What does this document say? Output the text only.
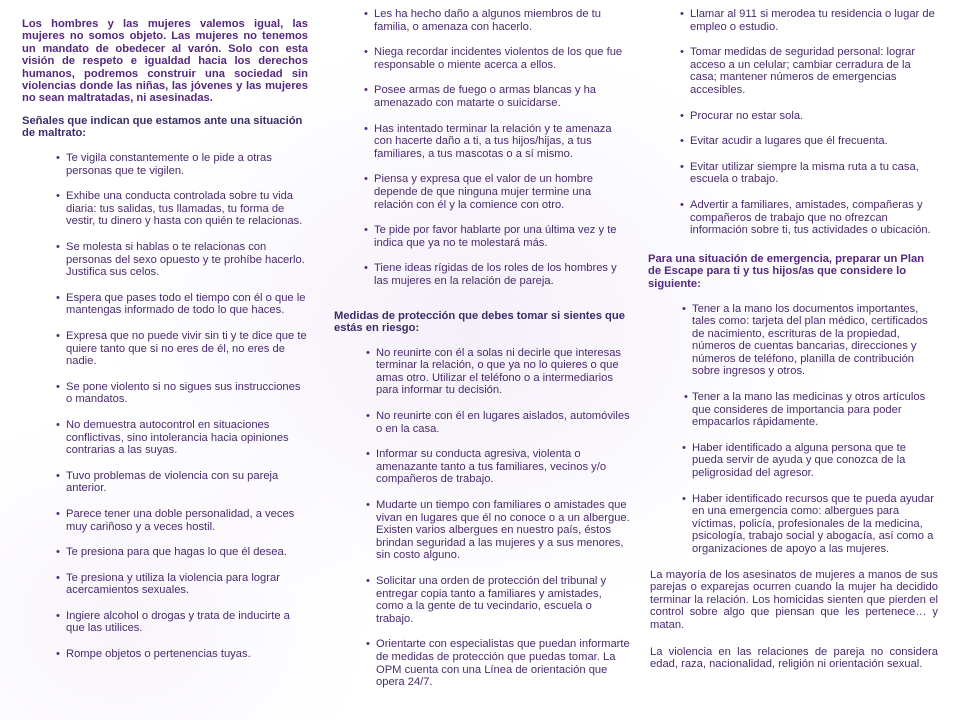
Los hombres y las mujeres valemos igual, las mujeres no somos objeto. Las mujeres no tenemos un mandato de obedecer al varón. Solo con esta visión de respeto e igualdad hacia los derechos humanos, podremos construir una sociedad sin violencias donde las niñas, las jóvenes y las mujeres no sean maltratadas, ni asesinadas.

Señales que indican que estamos ante una situación de maltrato:

• Te vigila constantemente o le pide a otras personas que te vigilen.
• Exhibe una conducta controlada sobre tu vida diaria: tus salidas, tus llamadas, tu forma de vestir, tu dinero y hasta con quién te relacionas.
• Se molesta si hablas o te relacionas con personas del sexo opuesto y te prohíbe hacerlo. Justifica sus celos.
• Espera que pases todo el tiempo con él o que le mantengas informado de todo lo que haces.
• Expresa que no puede vivir sin ti y te dice que te quiere tanto que si no eres de él, no eres de nadie.
• Se pone violento si no sigues sus instrucciones o mandatos.
• No demuestra autocontrol en situaciones conflictivas, sino intolerancia hacia opiniones contrarias a las suyas.
• Tuvo problemas de violencia con su pareja anterior.
• Parece tener una doble personalidad, a veces muy cariñoso y a veces hostil.
• Te presiona para que hagas lo que él desea.
• Te presiona y utiliza la violencia para lograr acercamientos sexuales.
• Ingiere alcohol o drogas y trata de inducirte a que las utilices.
• Rompe objetos o pertenencias tuyas.
• Les ha hecho daño a algunos miembros de tu familia, o amenaza con hacerlo.
• Niega recordar incidentes violentos de los que fue responsable o miente acerca a ellos.
• Posee armas de fuego o armas blancas y ha amenazado con matarte o suicidarse.
• Has intentado terminar la relación y te amenaza con hacerte daño a ti, a tus hijos/hijas, a tus familiares, a tus mascotas o a sí mismo.
• Piensa y expresa que el valor de un hombre depende de que ninguna mujer termine una relación con él y la comience con otro.
• Te pide por favor hablarte por una última vez y te indica que ya no te molestará más.
• Tiene ideas rígidas de los roles de los hombres y las mujeres en la relación de pareja.

Medidas de protección que debes tomar si sientes que estás en riesgo:

• No reunirte con él a solas ni decirle que interesas terminar la relación, o que ya no lo quieres o que amas otro. Utilizar el teléfono o a intermediarios para informar tu decisión.
• No reunirte con él en lugares aislados, automóviles o en la casa.
• Informar su conducta agresiva, violenta o amenazante tanto a tus familiares, vecinos y/o compañeros de trabajo.
• Mudarte un tiempo con familiares o amistades que vivan en lugares que él no conoce o a un albergue. Existen varios albergues en nuestro país, éstos brindan seguridad a las mujeres y a sus menores, sin costo alguno.
• Solicitar una orden de protección del tribunal y entregar copia tanto a familiares y amistades, como a la gente de tu vecindario, escuela o trabajo.
• Orientarte con especialistas que puedan informarte de medidas de protección que puedas tomar. La OPM cuenta con una Línea de orientación que opera 24/7.
• Llamar al 911 si merodea tu residencia o lugar de empleo o estudio.
• Tomar medidas de seguridad personal: lograr acceso a un celular; cambiar cerradura de la casa; mantener números de emergencias accesibles.
• Procurar no estar sola.
• Evitar acudir a lugares que él frecuenta.
• Evitar utilizar siempre la misma ruta a tu casa, escuela o trabajo.
• Advertir a familiares, amistades, compañeras y compañeros de trabajo que no ofrezcan información sobre ti, tus actividades o ubicación.

Para una situación de emergencia, preparar un Plan de Escape para ti y tus hijos/as que considere lo siguiente:

• Tener a la mano los documentos importantes, tales como: tarjeta del plan médico, certificados de nacimiento, escrituras de la propiedad, números de cuentas bancarias, direcciones y números de teléfono, planilla de contribución sobre ingresos y otros.
• Tener a la mano las medicinas y otros artículos que consideres de importancia para poder empacarlos rápidamente.
• Haber identificado a alguna persona que te pueda servir de ayuda y que conozca de la peligrosidad del agresor.
• Haber identificado recursos que te pueda ayudar en una emergencia como: albergues para víctimas, policía, profesionales de la medicina, psicología, trabajo social y abogacía, así como a organizaciones de apoyo a las mujeres.

La mayoría de los asesinatos de mujeres a manos de sus parejas o exparejas ocurren cuando la mujer ha decidido terminar la relación. Los homicidas sienten que pierden el control sobre algo que piensan que les pertenece… y matan.

La violencia en las relaciones de pareja no considera edad, raza, nacionalidad, religión ni orientación sexual.
